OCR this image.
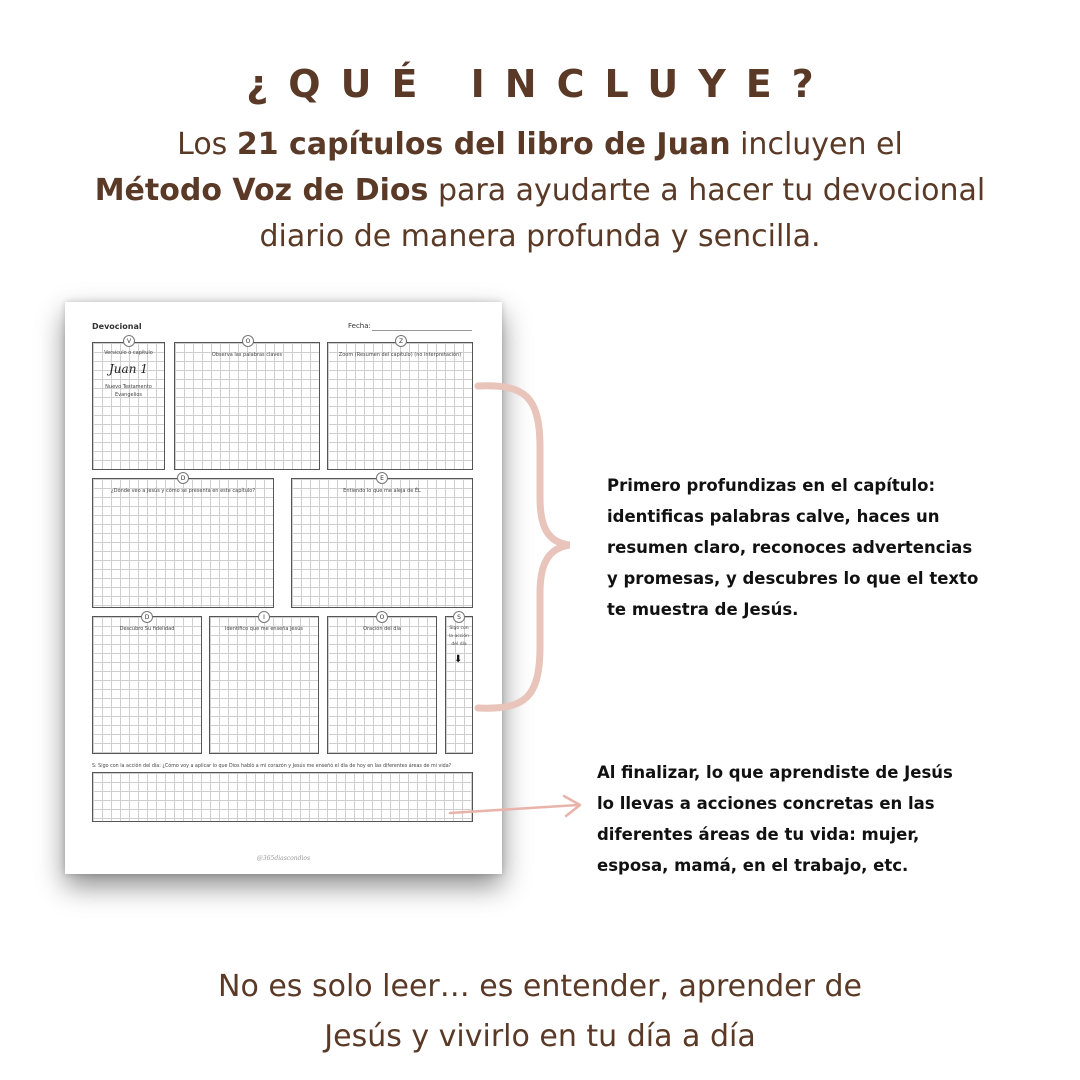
¿QUÉ INCLUYE?
Los 21 capítulos del libro de Juan incluyen el
Método Voz de Dios para ayudarte a hacer tu devocional diario de manera profunda y sencilla.
Devocional	Fecha:
V
Versículo o capítulo
Juan 1
Nuevo Testamento
Evangelios
O
Observa las palabras claves
Z
Zoom (Resumen del capítulo) (no interpretación)
D
¿Dónde veo a Jesús y cómo se presenta en este capítulo?
E
Entiendo lo que me aleja de ÉL
D
Descubro Su fidelidad
I
Identifico que me enseña Jesús
O
Oración del día
S
Sigo con
la acción
del día
⬇
S: Sigo con la acción del día: ¿Cómo voy a aplicar lo que Dios habló a mi corazón y Jesús me enseñó el día de hoy en las diferentes áreas de mi vida?
@365diascondios
Primero profundizas en el capítulo:
identificas palabras calve, haces un
resumen claro, reconoces advertencias
y promesas, y descubres lo que el texto
te muestra de Jesús.
Al finalizar, lo que aprendiste de Jesús
lo llevas a acciones concretas en las
diferentes áreas de tu vida: mujer,
esposa, mamá, en el trabajo, etc.
No es solo leer… es entender, aprender de
Jesús y vivirlo en tu día a día
